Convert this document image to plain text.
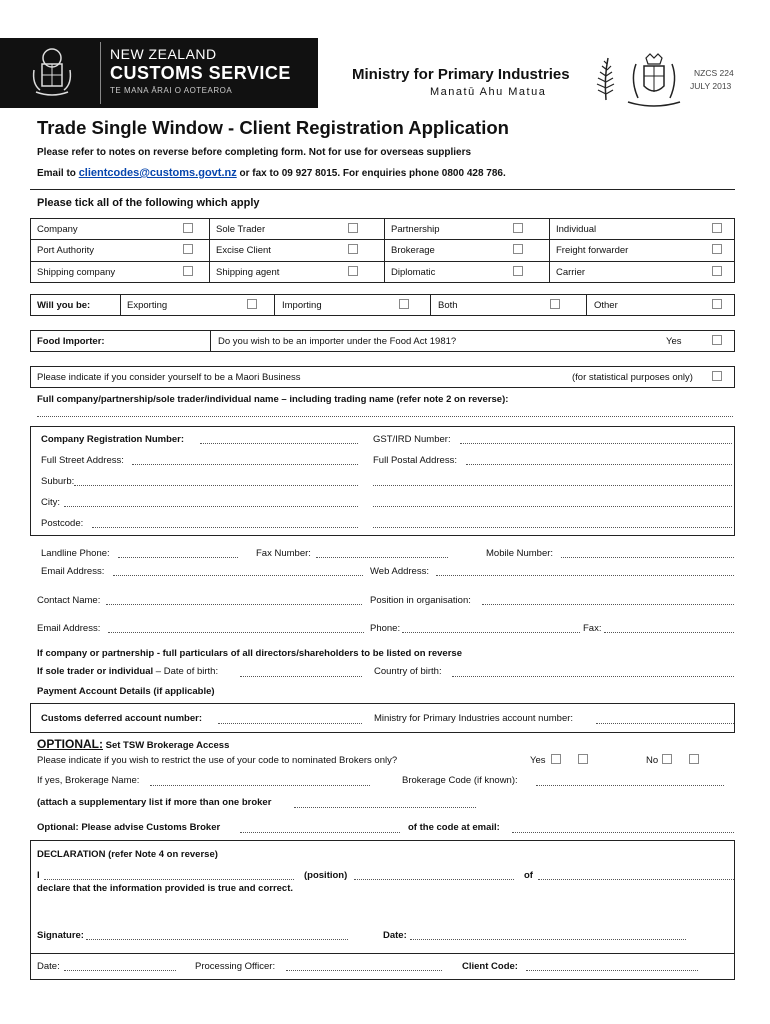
NEW ZEALAND
CUSTOMS SERVICE
TE MANA ĀRAI O AOTEAROA
Ministry for Primary Industries
Manatū Ahu Matua
NZCS 224
JULY 2013
Trade Single Window - Client Registration Application
Please refer to notes on reverse before completing form. Not for use for overseas suppliers
Email to clientcodes@customs.govt.nz or fax to 09 927 8015. For enquiries phone 0800 428 786.
Please tick all of the following which apply
Company	Sole Trader	Partnership	Individual
Port Authority	Excise Client	Brokerage	Freight forwarder
Shipping company	Shipping agent	Diplomatic	Carrier
Will you be:	Exporting	Importing	Both	Other
Food Importer:	Do you wish to be an importer under the Food Act 1981?	Yes
Please indicate if you consider yourself to be a Maori Business	(for statistical purposes only)
Full company/partnership/sole trader/individual name – including trading name (refer note 2 on reverse):
Company Registration Number:	GST/IRD Number:
Full Street Address:	Full Postal Address:
Suburb:
City:
Postcode:
Landline Phone:	Fax Number:	Mobile Number:
Email Address:	Web Address:
Contact Name:	Position in organisation:
Email Address:	Phone:	Fax:
If company or partnership - full particulars of all directors/shareholders to be listed on reverse
If sole trader or individual – Date of birth:	Country of birth:
Payment Account Details (if applicable)
Customs deferred account number:	Ministry for Primary Industries account number:
OPTIONAL: Set TSW Brokerage Access
Please indicate if you wish to restrict the use of your code to nominated Brokers only?	Yes	No
If yes, Brokerage Name:	Brokerage Code (if known):
(attach a supplementary list if more than one broker
Optional: Please advise Customs Broker	of the code at email:
DECLARATION (refer Note 4 on reverse)
I	(position)	of
declare that the information provided is true and correct.
Signature:	Date:
Date:	Processing Officer:	Client Code:
